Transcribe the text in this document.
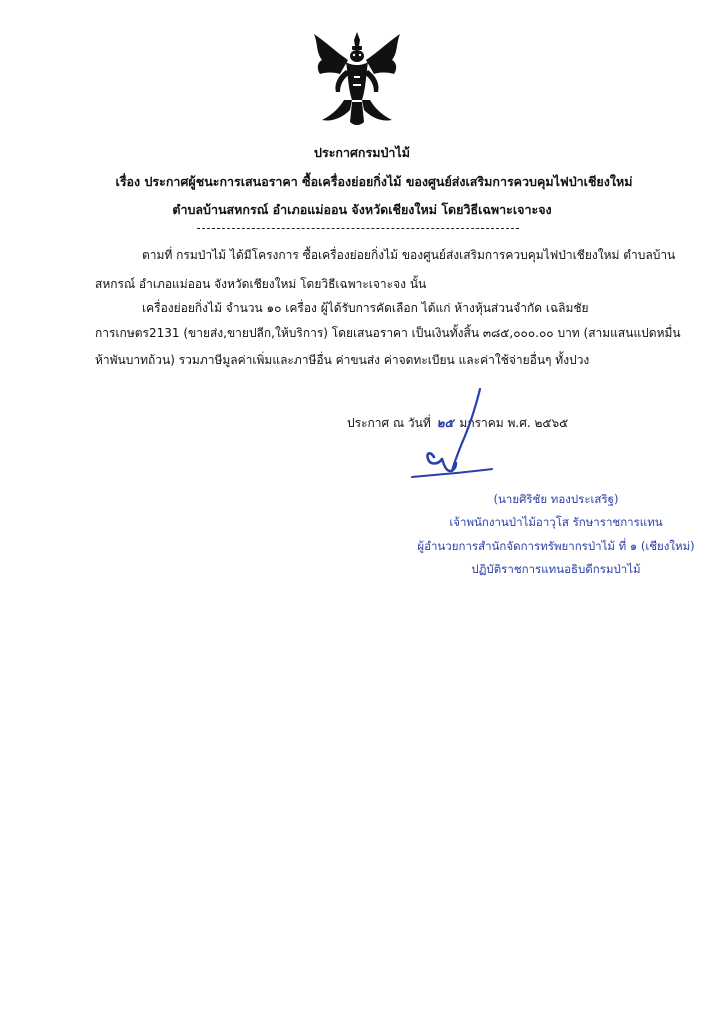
ประกาศกรมป่าไม้
เรื่อง ประกาศผู้ชนะการเสนอราคา ซื้อเครื่องย่อยกิ่งไม้ ของศูนย์ส่งเสริมการควบคุมไฟป่าเชียงใหม่
ตำบลบ้านสหกรณ์ อำเภอแม่ออน จังหวัดเชียงใหม่ โดยวิธีเฉพาะเจาะจง
ตามที่ กรมป่าไม้ ได้มีโครงการ ซื้อเครื่องย่อยกิ่งไม้ ของศูนย์ส่งเสริมการควบคุมไฟป่าเชียงใหม่ ตำบลบ้าน
สหกรณ์ อำเภอแม่ออน จังหวัดเชียงใหม่ โดยวิธีเฉพาะเจาะจง นั้น
เครื่องย่อยกิ่งไม้ จำนวน ๑๐ เครื่อง ผู้ได้รับการคัดเลือก ได้แก่ ห้างหุ้นส่วนจำกัด เฉลิมชัย
การเกษตร2131 (ขายส่ง,ขายปลีก,ให้บริการ) โดยเสนอราคา เป็นเงินทั้งสิ้น ๓๘๕,๐๐๐.๐๐ บาท (สามแสนแปดหมื่น
ห้าพันบาทถ้วน) รวมภาษีมูลค่าเพิ่มและภาษีอื่น ค่าขนส่ง ค่าจดทะเบียน และค่าใช้จ่ายอื่นๆ ทั้งปวง
ประกาศ ณ วันที่ ๒๕ มกราคม พ.ศ. ๒๕๖๕
(นายศิริชัย ทองประเสริฐ)
เจ้าพนักงานป่าไม้อาวุโส รักษาราชการแทน
ผู้อำนวยการสำนักจัดการทรัพยากรป่าไม้ ที่ ๑ (เชียงใหม่)
ปฏิบัติราชการแทนอธิบดีกรมป่าไม้
